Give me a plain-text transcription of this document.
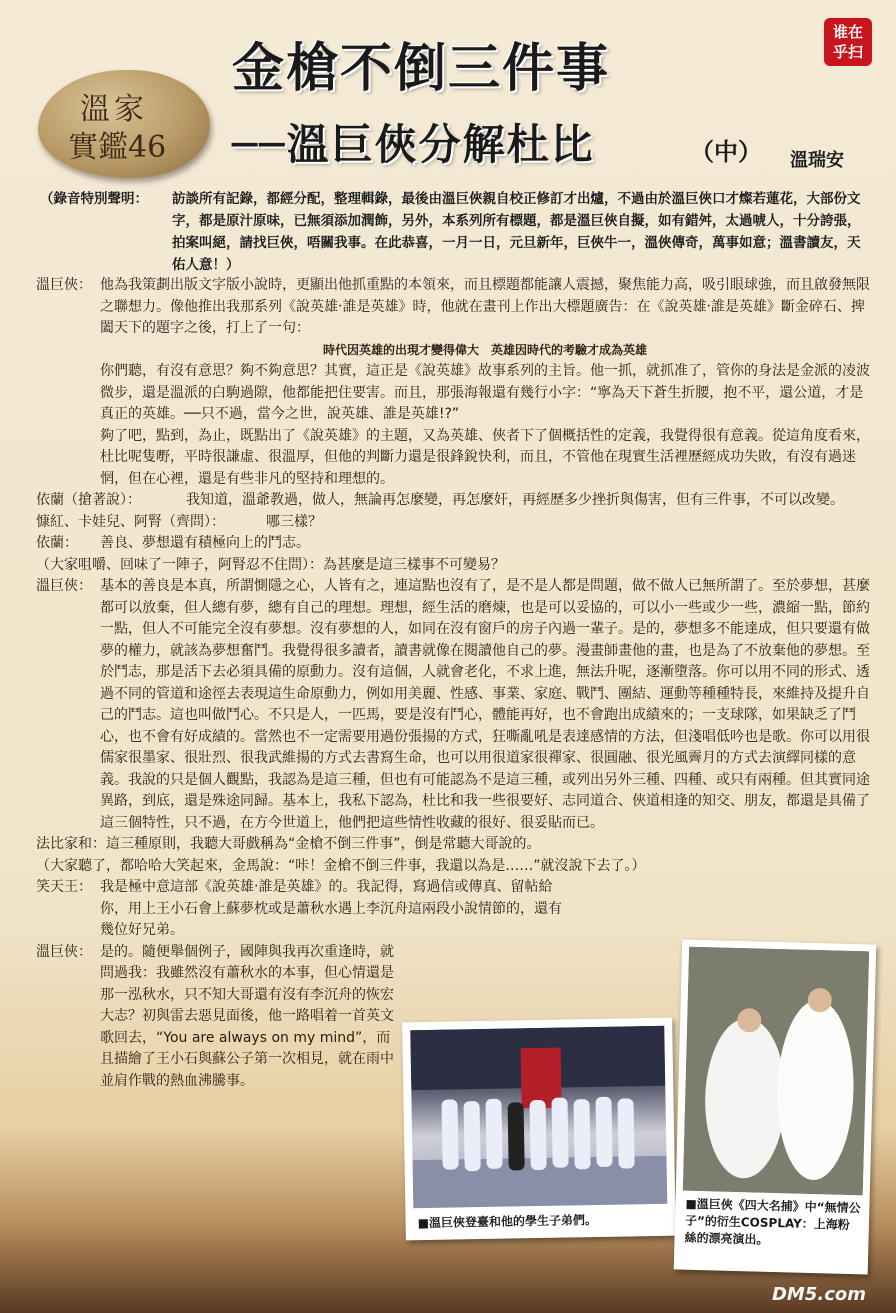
谁在
乎扫
溫家
實鑑46
金槍不倒三件事
──溫巨俠分解杜比	（中） 溫瑞安
（錄音特別聲明： 訪談所有記錄，都經分配，整理輯錄，最後由溫巨俠親自校正修訂才出爐，不過由於溫巨俠口才燦若蓮花，大部份文字，都是原汁原味，已無須添加潤飾，另外，本系列所有標題，都是溫巨俠自擬，如有錯舛，太過唬人，十分誇張，拍案叫絕，請找巨俠，唔關我事。在此恭喜，一月一日，元旦新年，巨俠牛一，溫俠傳奇，萬事如意；溫書讀友，天佑人意！）
溫巨俠： 他為我策劃出版文字版小說時，更顯出他抓重點的本領來，而且標題都能讓人震撼，聚焦能力高，吸引眼球強，而且啟發無限之聯想力。像他推出我那系列《說英雄‧誰是英雄》時，他就在畫刊上作出大標題廣告：在《說英雄‧誰是英雄》斷金碎石、捭闔天下的題字之後，打上了一句：
時代因英雄的出現才變得偉大　英雄因時代的考驗才成為英雄
你們聽，有沒有意思？夠不夠意思？其實，這正是《說英雄》故事系列的主旨。他一抓，就抓准了，管你的身法是金派的凌波微步，還是溫派的白駒過隙，他都能把住要害。而且，那張海報還有幾行小字：“寧為天下蒼生折腰，抱不平，還公道，才是真正的英雄。──只不過，當今之世，說英雄、誰是英雄!?”
夠了吧，點到，為止，既點出了《說英雄》的主題，又為英雄、俠者下了個概括性的定義，我覺得很有意義。從這角度看來，杜比呢隻嘢，平時很謙虛、很溫厚，但他的判斷力還是很鋒銳快利，而且，不管他在現實生活裡歷經成功失敗，有沒有過迷惘，但在心裡，還是有些非凡的堅持和理想的。
依蘭（搶著說）：	我知道，溫爺教過，做人，無論再怎麼變，再怎麼奸，再經歷多少挫折與傷害，但有三件事，不可以改變。
慷紅、卡娃兒、阿腎（齊問）：	哪三樣？
依蘭： 善良、夢想還有積極向上的鬥志。
（大家咀嚼、回味了一陣子，阿腎忍不住問）：為甚麼是這三樣事不可變易？
溫巨俠： 基本的善良是本真，所謂惻隱之心，人皆有之，連這點也沒有了，是不是人都是問題，做不做人已無所謂了。至於夢想，甚麼都可以放棄，但人總有夢，總有自己的理想。理想，經生活的磨煉，也是可以妥協的，可以小一些或少一些，濃縮一點，節約一點，但人不可能完全沒有夢想。沒有夢想的人，如同在沒有窗戶的房子內過一輩子。是的，夢想多不能達成，但只要還有做夢的權力，就該為夢想奮鬥。我覺得很多讀者，讀書就像在閱讀他自己的夢。漫畫師畫他的畫，也是為了不放棄他的夢想。至於鬥志，那是活下去必須具備的原動力。沒有這個，人就會老化，不求上進，無法升呢，逐漸墮落。你可以用不同的形式、透過不同的管道和途徑去表現這生命原動力，例如用美麗、性感、事業、家庭、戰鬥、團結、運動等種種特長，來維持及提升自己的鬥志。這也叫做鬥心。不只是人，一匹馬，要是沒有鬥心，體能再好，也不會跑出成績來的；一支球隊，如果缺乏了鬥心，也不會有好成績的。當然也不一定需要用過份張揚的方式，狂嘶亂吼是表達感情的方法，但淺唱低吟也是歌。你可以用很儒家很墨家、很壯烈、很我武維揚的方式去書寫生命，也可以用很道家很禪家、很圓融、很光風霽月的方式去演繹同樣的意義。我說的只是個人觀點，我認為是這三種，但也有可能認為不是這三種，或列出另外三種、四種、或只有兩種。但其實同途異路，到底，還是殊途同歸。基本上，我私下認為，杜比和我一些很要好、志同道合、俠道相逢的知交、朋友，都還是具備了這三個特性，只不過，在方今世道上，他們把這些情性收藏的很好、很妥貼而已。
法比家和：這三種原則，我聽大哥戲稱為“金槍不倒三件事”，倒是常聽大哥說的。
（大家聽了，都哈哈大笑起來，金馬說：“咔！金槍不倒三件事，我還以為是……”就沒說下去了。）
笑天王： 我是極中意這部《說英雄‧誰是英雄》的。我記得，寫過信或傳真、留帖給你，用上王小石會上蘇夢枕或是蕭秋水遇上李沉舟這兩段小說情節的，還有幾位好兄弟。
溫巨俠： 是的。隨便舉個例子，國陣與我再次重逢時，就問過我：我雖然沒有蕭秋水的本事，但心情還是那一泓秋水，只不知大哥還有沒有李沉舟的恢宏大志？初與雷去惡見面後，他一路唱着一首英文歌回去，“You are always on my mind”，而且描繪了王小石與蘇公子第一次相見，就在雨中並肩作戰的熱血沸騰事。
■溫巨俠登臺和他的學生子弟們。
■溫巨俠《四大名捕》中“無情公子”的衍生COSPLAY：上海粉絲的漂亮演出。
DM5.com
